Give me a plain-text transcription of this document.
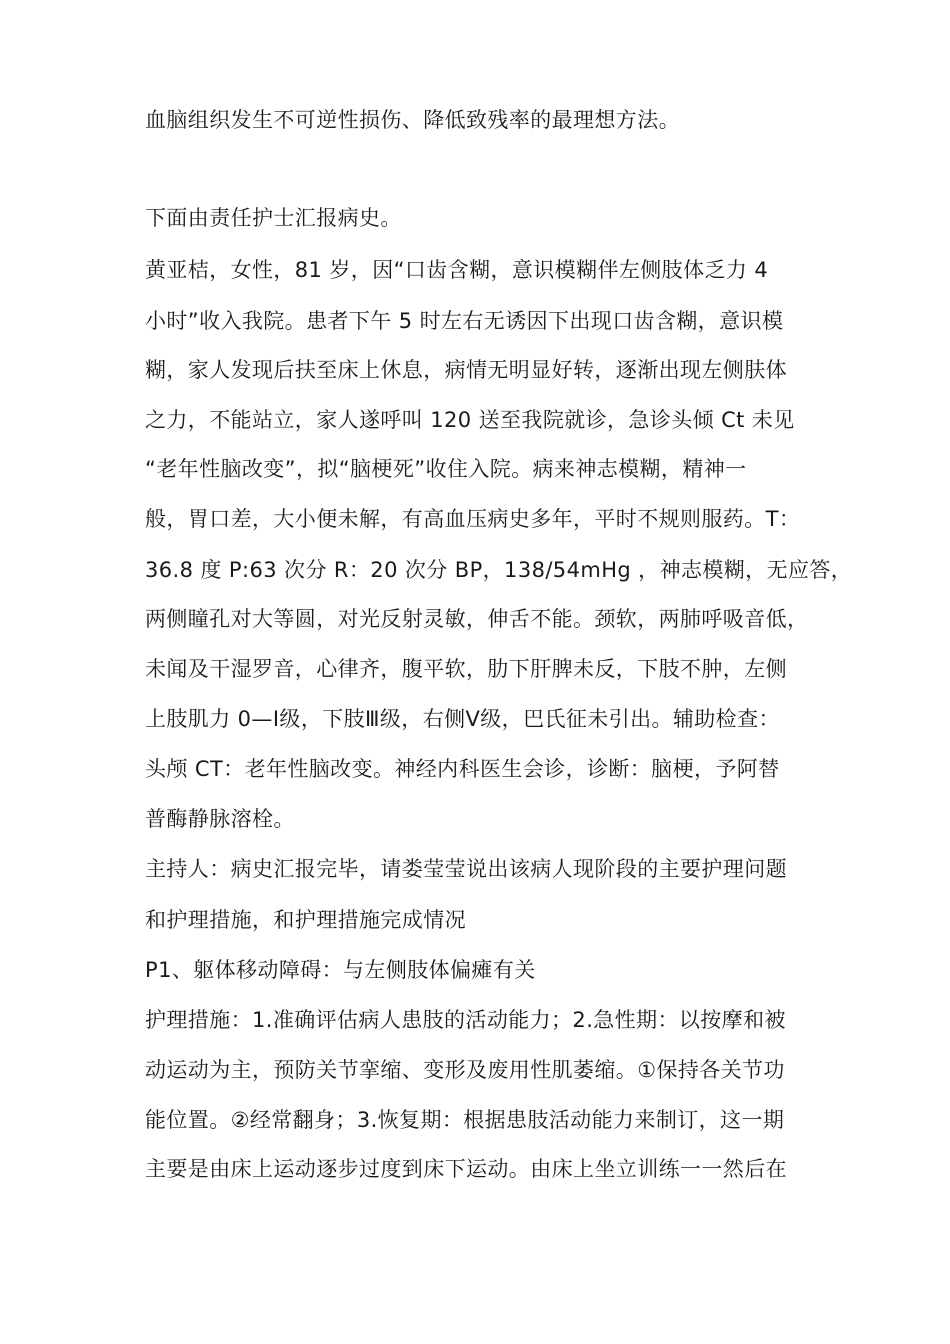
血脑组织发生不可逆性损伤、降低致残率的最理想方法。
下面由责任护士汇报病史。
黄亚桔，女性，81 岁，因“口齿含糊，意识模糊伴左侧肢体乏力 4
小时”收入我院。患者下午 5 时左右无诱因下出现口齿含糊，意识模
糊，家人发现后扶至床上休息，病情无明显好转，逐渐出现左侧肤体
之力，不能站立，家人遂呼叫 120 送至我院就诊，急诊头倾 Ct 未见
“老年性脑改变”，拟“脑梗死”收住入院。病来神志模糊，精神一
般，胃口差，大小便未解，有高血压病史多年，平时不规则服药。T：
36.8 度 P:63 次分 R：20 次分 BP，138/54mHg ，神志模糊，无应答，
两侧瞳孔对大等圆，对光反射灵敏，伸舌不能。颈软，两肺呼吸音低，
未闻及干湿罗音，心律齐，腹平软，肋下肝脾未反，下肢不肿，左侧
上肢肌力 0—Ⅰ级，下肢Ⅲ级，右侧Ⅴ级，巴氏征未引出。辅助检查：
头颅 CT：老年性脑改变。神经内科医生会诊，诊断：脑梗，予阿替
普酶静脉溶栓。
主持人：病史汇报完毕，请娄莹莹说出该病人现阶段的主要护理问题
和护理措施，和护理措施完成情况
P1、躯体移动障碍：与左侧肢体偏瘫有关
护理措施：1.准确评估病人患肢的活动能力；2.急性期：以按摩和被
动运动为主，预防关节挛缩、变形及废用性肌萎缩。①保持各关节功
能位置。②经常翻身；3.恢复期：根据患肢活动能力来制订，这一期
主要是由床上运动逐步过度到床下运动。由床上坐立训练一一然后在
